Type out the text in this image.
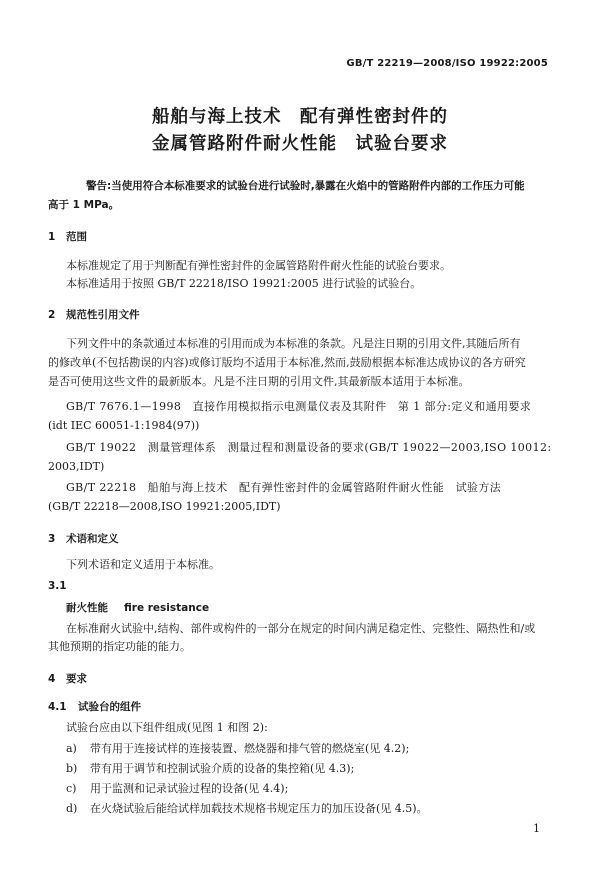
GB/T 22219—2008/ISO 19922:2005
船舶与海上技术　配有弹性密封件的
金属管路附件耐火性能　试验台要求
警告:当使用符合本标准要求的试验台进行试验时,暴露在火焰中的管路附件内部的工作压力可能
高于 1 MPa。
1 范围
本标准规定了用于判断配有弹性密封件的金属管路附件耐火性能的试验台要求。
本标准适用于按照 GB/T 22218/ISO 19921:2005 进行试验的试验台。
2 规范性引用文件
下列文件中的条款通过本标准的引用而成为本标准的条款。凡是注日期的引用文件,其随后所有
的修改单(不包括勘误的内容)或修订版均不适用于本标准,然而,鼓励根据本标准达成协议的各方研究
是否可使用这些文件的最新版本。凡是不注日期的引用文件,其最新版本适用于本标准。
GB/T 7676.1—1998　直接作用模拟指示电测量仪表及其附件　第 1 部分:定义和通用要求
(idt IEC 60051-1:1984(97))
GB/T 19022　测量管理体系　测量过程和测量设备的要求(GB/T 19022—2003,ISO 10012:
2003,IDT)
GB/T 22218　船舶与海上技术　配有弹性密封件的金属管路附件耐火性能　试验方法
(GB/T 22218—2008,ISO 19921:2005,IDT)
3 术语和定义
下列术语和定义适用于本标准。
3.1
耐火性能 fire resistance
在标准耐火试验中,结构、部件或构件的一部分在规定的时间内满足稳定性、完整性、隔热性和/或
其他预期的指定功能的能力。
4 要求
4.1 试验台的组件
试验台应由以下组件组成(见图 1 和图 2):
a) 带有用于连接试样的连接装置、燃烧器和排气管的燃烧室(见 4.2);
b) 带有用于调节和控制试验介质的设备的集控箱(见 4.3);
c) 用于监测和记录试验过程的设备(见 4.4);
d) 在火烧试验后能给试样加载技术规格书规定压力的加压设备(见 4.5)。
1
